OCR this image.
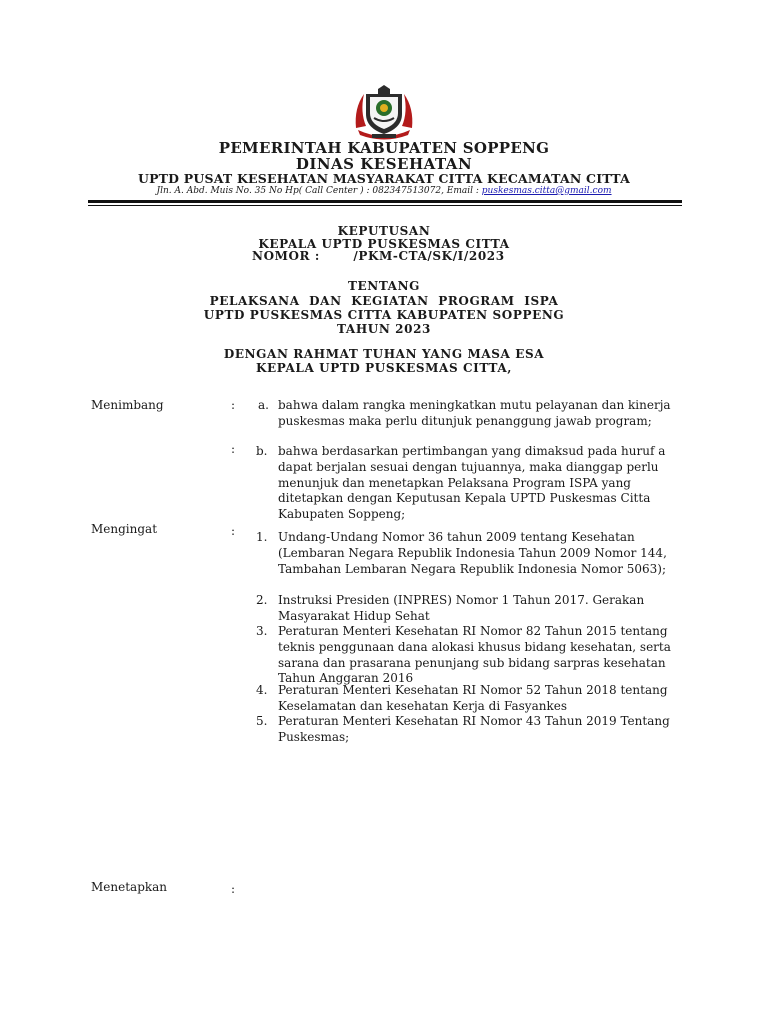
PEMERINTAH KABUPATEN SOPPENG
DINAS KESEHATAN
UPTD PUSAT KESEHATAN MASYARAKAT CITTA KECAMATAN CITTA
Jln. A. Abd. Muis No. 35 No Hp( Call Center ) : 082347513072, Email : puskesmas.citta@gmail.com
KEPUTUSAN
KEPALA UPTD PUSKESMAS CITTA
NOMOR :       /PKM-CTA/SK/I/2023
TENTANG
PELAKSANA  DAN  KEGIATAN  PROGRAM  ISPA
UPTD PUSKESMAS CITTA KABUPATEN SOPPENG
TAHUN 2023
DENGAN RAHMAT TUHAN YANG MASA ESA
KEPALA UPTD PUSKESMAS CITTA,
Menimbang	: a. bahwa dalam rangka meningkatkan mutu pelayanan dan kinerja puskesmas maka perlu ditunjuk penanggung jawab program;
: b. bahwa berdasarkan pertimbangan yang dimaksud pada huruf a dapat berjalan sesuai dengan tujuannya, maka dianggap perlu menunjuk dan menetapkan Pelaksana Program ISPA yang ditetapkan dengan Keputusan Kepala UPTD Puskesmas Citta Kabupaten Soppeng;
Mengingat	: 1. Undang-Undang Nomor 36 tahun 2009 tentang Kesehatan (Lembaran Negara Republik Indonesia Tahun 2009 Nomor 144, Tambahan Lembaran Negara Republik Indonesia Nomor 5063);
2. Instruksi Presiden (INPRES) Nomor 1 Tahun 2017. Gerakan Masyarakat Hidup Sehat
3. Peraturan Menteri Kesehatan RI Nomor 82 Tahun 2015 tentang teknis penggunaan dana alokasi khusus bidang kesehatan, serta sarana dan prasarana penunjang sub bidang sarpras kesehatan Tahun Anggaran 2016
4. Peraturan Menteri Kesehatan RI Nomor 52 Tahun 2018 tentang Keselamatan dan kesehatan Kerja di Fasyankes
5. Peraturan Menteri Kesehatan RI Nomor 43 Tahun 2019 Tentang Puskesmas;
Menetapkan	:
